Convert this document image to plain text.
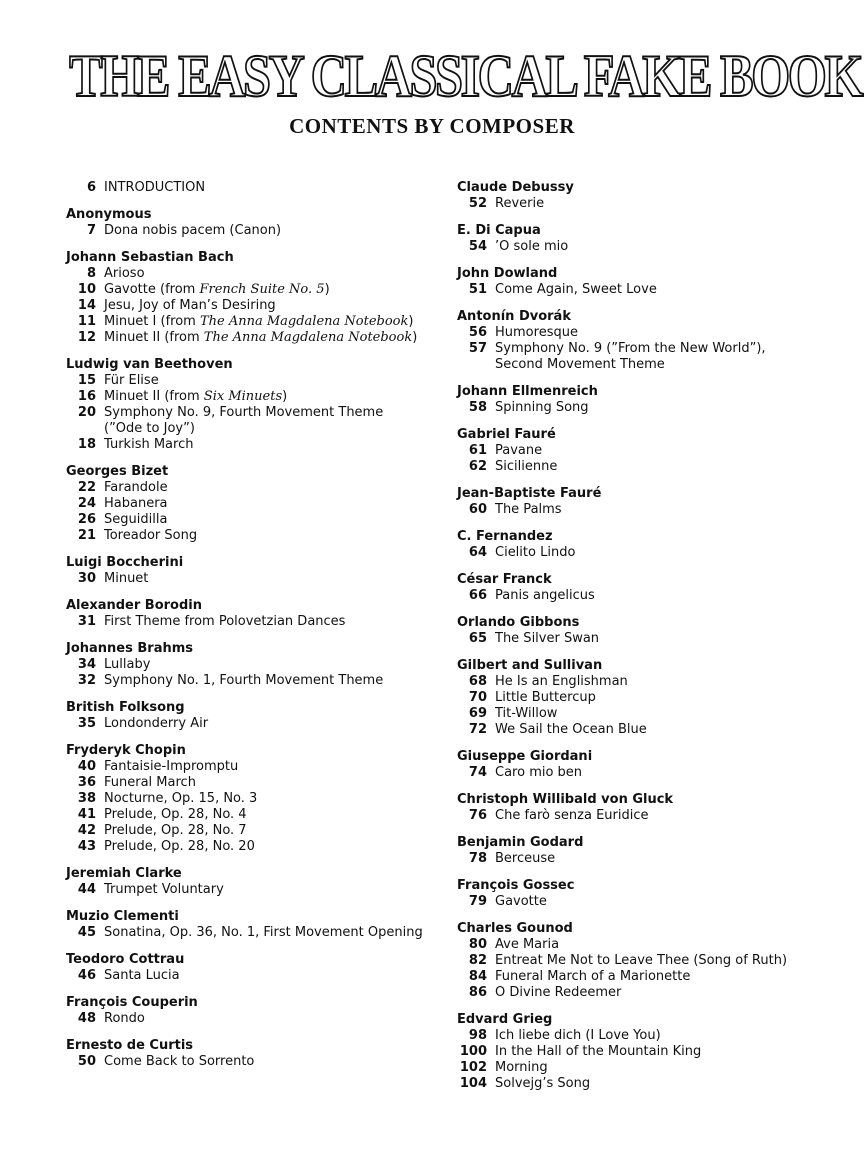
THE EASY CLASSICAL FAKE BOOK
CONTENTS BY COMPOSER
6 INTRODUCTION
Anonymous
7 Dona nobis pacem (Canon)
Johann Sebastian Bach
8 Arioso
10 Gavotte (from French Suite No. 5)
14 Jesu, Joy of Man’s Desiring
11 Minuet I (from The Anna Magdalena Notebook)
12 Minuet II (from The Anna Magdalena Notebook)
Ludwig van Beethoven
15 Für Elise
16 Minuet II (from Six Minuets)
20 Symphony No. 9, Fourth Movement Theme
(”Ode to Joy”)
18 Turkish March
Georges Bizet
22 Farandole
24 Habanera
26 Seguidilla
21 Toreador Song
Luigi Boccherini
30 Minuet
Alexander Borodin
31 First Theme from Polovetzian Dances
Johannes Brahms
34 Lullaby
32 Symphony No. 1, Fourth Movement Theme
British Folksong
35 Londonderry Air
Fryderyk Chopin
40 Fantaisie-Impromptu
36 Funeral March
38 Nocturne, Op. 15, No. 3
41 Prelude, Op. 28, No. 4
42 Prelude, Op. 28, No. 7
43 Prelude, Op. 28, No. 20
Jeremiah Clarke
44 Trumpet Voluntary
Muzio Clementi
45 Sonatina, Op. 36, No. 1, First Movement Opening
Teodoro Cottrau
46 Santa Lucia
François Couperin
48 Rondo
Ernesto de Curtis
50 Come Back to Sorrento
Claude Debussy
52 Reverie
E. Di Capua
54 ’O sole mio
John Dowland
51 Come Again, Sweet Love
Antonín Dvorák
56 Humoresque
57 Symphony No. 9 (”From the New World”),
Second Movement Theme
Johann Ellmenreich
58 Spinning Song
Gabriel Fauré
61 Pavane
62 Sicilienne
Jean-Baptiste Fauré
60 The Palms
C. Fernandez
64 Cielito Lindo
César Franck
66 Panis angelicus
Orlando Gibbons
65 The Silver Swan
Gilbert and Sullivan
68 He Is an Englishman
70 Little Buttercup
69 Tit-Willow
72 We Sail the Ocean Blue
Giuseppe Giordani
74 Caro mio ben
Christoph Willibald von Gluck
76 Che farò senza Euridice
Benjamin Godard
78 Berceuse
François Gossec
79 Gavotte
Charles Gounod
80 Ave Maria
82 Entreat Me Not to Leave Thee (Song of Ruth)
84 Funeral March of a Marionette
86 O Divine Redeemer
Edvard Grieg
98 Ich liebe dich (I Love You)
100 In the Hall of the Mountain King
102 Morning
104 Solvejg’s Song
